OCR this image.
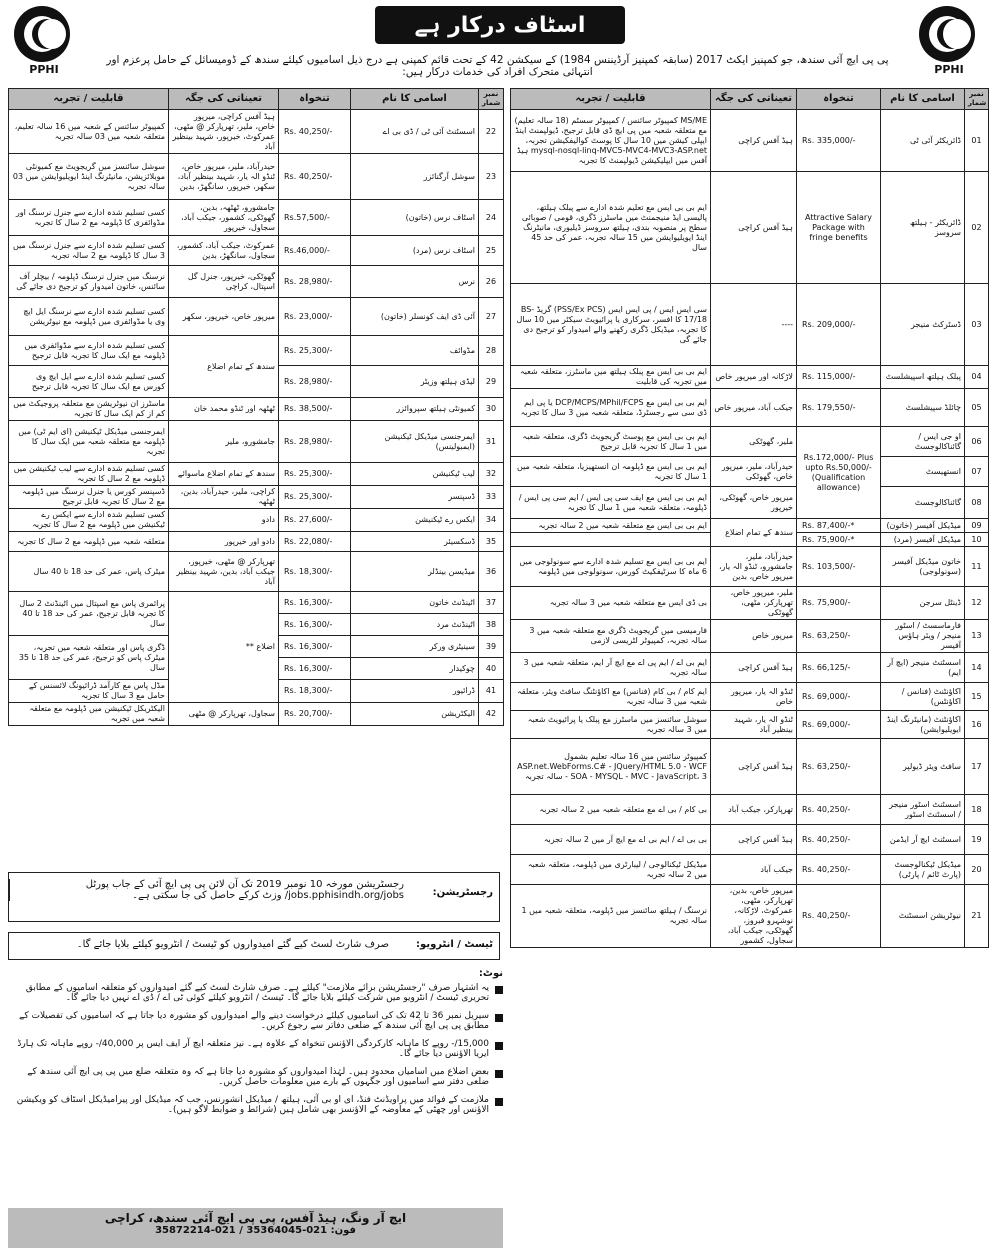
PPHI	PPHI
اسٹاف درکار ہے
پی پی ایچ آئی سندھ، جو کمپنیز ایکٹ 2017 (سابقہ کمپنیز آرڈیننس 1984) کے سیکشن 42 کے تحت قائم کمپنی ہے درج ذیل اسامیوں کیلئے سندھ کے ڈومیسائل کے حامل پرعزم اور انتہائی متحرک افراد کی خدمات درکار ہیں:
قابلیت / تجربہ	تعیناتی کی جگہ	تنخواہ	اسامی کا نام	نمبر شمار
MS/ME کمپیوٹر سائنس / کمپیوٹر سسٹم (18 سالہ تعلیم) مع متعلقہ شعبہ میں پی ایچ ڈی قابل ترجیح، ڈیولپمنٹ اینڈ ایپلی کیشن میں 10 سال کا پوسٹ کوالیفکیشن تجربہ، mysql-nosql-linq-MVC5-MVC4-MVC3-ASP.net ہیڈ آفس میں ایپلیکیشن ڈیولپمنٹ کا تجربہ	ہیڈ آفس کراچی	Rs. 335,000/-	ڈائریکٹر آئی ٹی	01
ایم بی بی ایس مع تعلیم شدہ ادارے سے پبلک ہیلتھ، پالیسی ایڈ منیجمنٹ میں ماسٹرز ڈگری، قومی / صوبائی سطح پر منصوبہ بندی، ہیلتھ سروسز ڈیلیوری، مانیٹرنگ اینڈ ایویلیوایشن میں 15 سالہ تجربہ، عمر کی حد 45 سال	ہیڈ آفس کراچی	Attractive Salary Package with fringe benefits	ڈائریکٹر - ہیلتھ سروسز	02
سی ایس ایس / پی ایس ایس (PSS/Ex PCS) گریڈ BS-17/18 کا افسر، سرکاری یا پرائیویٹ سیکٹر میں 10 سال کا تجربہ، میڈیکل ڈگری رکھنے والے امیدوار کو ترجیح دی جائے گی	----	Rs. 209,000/-	ڈسٹرکٹ منیجر	03
ایم بی بی ایس مع پبلک ہیلتھ میں ماسٹرز، متعلقہ شعبہ میں تجربہ کی قابلیت	لاڑکانہ اور میرپور خاص	Rs. 115,000/-	پبلک ہیلتھ اسپیشلسٹ	04
ایم بی بی ایس مع DCP/MCPS/MPhil/FCPS یا پی ایم ڈی سی سے رجسٹرڈ، متعلقہ شعبہ میں 3 سال کا تجربہ	جیکب آباد، میرپور خاص	Rs. 179,550/-	چائلڈ سپیشلسٹ	05
ایم بی بی ایس مع پوسٹ گریجویٹ ڈگری، متعلقہ شعبہ میں 1 سال کا تجربہ قابل ترجیح	ملیر، گھوٹکی	Rs.172,000/- Plus upto Rs.50,000/- (Qualification allowance)	او جی ایس / گائناکالوجسٹ	06
ایم بی بی ایس مع ڈپلومہ ان انستھیزیا، متعلقہ شعبہ میں 1 سال کا تجربہ	حیدرآباد، ملیر، میرپور خاص، گھوٹکی		انستھیسٹ	07
ایم بی بی ایس مع ایف سی پی ایس / ایم سی پی ایس / ڈپلومہ، متعلقہ شعبہ میں 1 سال کا تجربہ	میرپور خاص، گھوٹکی، خیرپور		گائناکالوجسٹ	08
ایم بی بی ایس مع متعلقہ شعبہ میں 2 سالہ تجربہ	سندھ کے تمام اضلاع	Rs. 87,400/-*	میڈیکل آفیسر (خاتون)	09
		Rs. 75,900/-*	میڈیکل آفیسر (مرد)	10
ایم بی بی ایس مع تسلیم شدہ ادارے سے سونولوجی میں 6 ماہ کا سرٹیفکیٹ کورس، سونولوجی میں ڈپلومہ	حیدرآباد، ملیر، جامشورو، ٹنڈو الہ یار، میرپور خاص، بدین	Rs. 103,500/-	خاتون میڈیکل آفیسر (سونولوجی)	11
بی ڈی ایس مع متعلقہ شعبہ میں 3 سالہ تجربہ	ملیر، میرپور خاص، تھرپارکر، مٹھی، گھوٹکی	Rs. 75,900/-	ڈینٹل سرجن	12
فارمیسی میں گریجویٹ ڈگری مع متعلقہ شعبہ میں 3 سالہ تجربہ، کمپیوٹر لٹریسی لازمی	میرپور خاص	Rs. 63,250/-	فارماسسٹ / اسٹور منیجر / ویئر ہاؤس آفیسر	13
ایم بی اے / ایم پی اے مع ایچ آر ایم، متعلقہ شعبہ میں 3 سالہ تجربہ	ہیڈ آفس کراچی	Rs. 66,125/-	اسسٹنٹ منیجر (ایچ آر ایم)	14
ایم کام / بی کام (فنانس) مع اکاؤنٹنگ سافٹ ویئر، متعلقہ شعبہ میں 3 سالہ تجربہ	ٹنڈو الہ یار، میرپور خاص	Rs. 69,000/-	اکاؤنٹنٹ (فنانس / اکاؤنٹس)	15
سوشل سائنسز میں ماسٹرز مع پبلک یا پرائیویٹ شعبہ میں 3 سالہ تجربہ	ٹنڈو الہ یار، شہید بینظیر آباد	Rs. 69,000/-	اکاؤنٹنٹ (مانیٹرنگ اینڈ ایویلیوایشن)	16
کمپیوٹر سائنس میں 16 سالہ تعلیم بشمول ASP.net.WebForms.C# - JQuery/HTML 5.0 - WCF - SOA - MYSQL - MVC - JavaScript، 3 سالہ تجربہ	ہیڈ آفس کراچی	Rs. 63,250/-	سافٹ ویئر ڈیولپر	17
بی کام / بی اے مع متعلقہ شعبہ میں 2 سالہ تجربہ	تھرپارکر، جیکب آباد	Rs. 40,250/-	اسسٹنٹ اسٹور منیجر / اسسٹنٹ اسٹور	18
بی بی اے / ایم بی اے مع ایچ آر میں 2 سالہ تجربہ	ہیڈ آفس کراچی	Rs. 40,250/-	اسسٹنٹ ایچ آر ایڈمن	19
میڈیکل ٹیکنالوجی / لیبارٹری میں ڈپلومہ، متعلقہ شعبہ میں 2 سالہ تجربہ	جیکب آباد	Rs. 40,250/-	میڈیکل ٹیکنالوجسٹ (پارٹ ٹائم / پارٹی)	20
نرسنگ / ہیلتھ سائنسز میں ڈپلومہ، متعلقہ شعبہ میں 1 سالہ تجربہ	میرپور خاص، بدین، تھرپارکر، مٹھی، عمرکوٹ، لاڑکانہ، نوشہرو فیروز، گھوٹکی، جیکب آباد، سجاول، کشمور	Rs. 40,250/-	نیوٹریشن اسسٹنٹ	21
قابلیت / تجربہ	تعیناتی کی جگہ	تنخواہ	اسامی کا نام	نمبر شمار
کمپیوٹر سائنس کے شعبہ میں 16 سالہ تعلیم، متعلقہ شعبہ میں 03 سالہ تجربہ	ہیڈ آفس کراچی، میرپور خاص، ملیر، تھرپارکر @ مٹھی، عمرکوٹ، خیرپور، شہید بینظیر آباد	Rs. 40,250/-	اسسٹنٹ آئی ٹی / ڈی بی اے	22
سوشل سائنسز میں گریجویٹ مع کمیونٹی موبلائزیشن، مانیٹرنگ اینڈ ایویلیوایشن میں 03 سالہ تجربہ	حیدرآباد، ملیر، میرپور خاص، ٹنڈو الہ یار، شہید بینظیر آباد، سکھر، خیرپور، سانگھڑ، بدین	Rs. 40,250/-	سوشل آرگنائزر	23
کسی تسلیم شدہ ادارے سے جنرل نرسنگ اور مڈوائفری کا ڈپلومہ مع 2 سال کا تجربہ	جامشورو، ٹھٹھہ، بدین، گھوٹکی، کشمور، جیکب آباد، سجاول، خیرپور	Rs.57,500/-	اسٹاف نرس (خاتون)	24
کسی تسلیم شدہ ادارے سے جنرل نرسنگ میں 3 سال کا ڈپلومہ مع 2 سالہ تجربہ	عمرکوٹ، جیکب آباد، کشمور، سجاول، سانگھڑ، بدین	Rs.46,000/-	اسٹاف نرس (مرد)	25
نرسنگ میں جنرل نرسنگ ڈپلومہ / بیچلر آف سائنس، خاتون امیدوار کو ترجیح دی جائے گی	گھوٹکی، خیرپور، جنرل گل اسپتال، کراچی	Rs. 28,980/-	نرس	26
کسی تسلیم شدہ ادارے سے نرسنگ ایل ایچ وی یا مڈوائفری میں ڈپلومہ مع نیوٹریشن	میرپور خاص، خیرپور، سکھر	Rs. 23,000/-	آئی ڈی ایف کونسلر (خاتون)	27
کسی تسلیم شدہ ادارے سے مڈوائفری میں ڈپلومہ مع ایک سال کا تجربہ قابل ترجیح	سندھ کے تمام اضلاع	Rs. 25,300/-	مڈوائف	28
کسی تسلیم شدہ ادارے سے ایل ایچ وی کورس مع ایک سال کا تجربہ قابل ترجیح		Rs. 28,980/-	لیڈی ہیلتھ وزیٹر	29
ماسٹرز ان نیوٹریشن مع متعلقہ پروجیکٹ میں کم از کم ایک سال کا تجربہ	ٹھٹھہ اور ٹنڈو محمد خان	Rs. 38,500/-	کمیونٹی ہیلتھ سپروائزر	30
ایمرجنسی میڈیکل ٹیکنیشن (ای ایم ٹی) میں ڈپلومہ مع متعلقہ شعبہ میں ایک سال کا تجربہ	جامشورو، ملیر	Rs. 28,980/-	ایمرجنسی میڈیکل ٹیکنیشن (ایمبولینس)	31
کسی تسلیم شدہ ادارے سے لیب ٹیکنیشن میں ڈپلومہ مع 2 سال کا تجربہ	سندھ کے تمام اضلاع ماسوائے	Rs. 25,300/-	لیب ٹیکنیشن	32
ڈسپنسر کورس یا جنرل نرسنگ میں ڈپلومہ مع 2 سال کا تجربہ قابل ترجیح	کراچی، ملیر، حیدرآباد، بدین، ٹھٹھہ	Rs. 25,300/-	ڈسپنسر	33
کسی تسلیم شدہ ادارے سے ایکس رے ٹیکنیشن میں ڈپلومہ مع 2 سال کا تجربہ	دادو	Rs. 27,600/-	ایکس رے ٹیکنیشن	34
متعلقہ شعبہ میں ڈپلومہ مع 2 سال کا تجربہ	دادو اور خیرپور	Rs. 22,080/-	ڈسکسیئر	35
میٹرک پاس، عمر کی حد 18 تا 40 سال	تھرپارکر @ مٹھی، خیرپور، جیکب آباد، بدین، شہید بینظیر آباد	Rs. 18,300/-	میڈیسن بینڈلر	36
پرائمری پاس مع اسپتال میں اٹینڈنٹ 2 سال کا تجربہ قابل ترجیح، عمر کی حد 18 تا 40 سال	اضلاع **	Rs. 16,300/-	اٹینڈنٹ خاتون	37
		Rs. 16,300/-	اٹینڈنٹ مرد	38
ڈگری پاس اور متعلقہ شعبہ میں تجربہ، میٹرک پاس کو ترجیح، عمر کی حد 18 تا 35 سال		Rs. 16,300/-	سینیٹری ورکر	39
		Rs. 16,300/-	چوکیدار	40
مڈل پاس مع کارآمد ڈرائیونگ لائسنس کے حامل مع 3 سال کا تجربہ		Rs. 18,300/-	ڈرائیور	41
الیکٹریکل ٹیکنیشن میں ڈپلومہ مع متعلقہ شعبہ میں تجربہ	سجاول، تھرپارکر @ مٹھی	Rs. 20,700/-	الیکٹریشن	42
رجسٹریشن:
رجسٹریشن مورخہ 10 نومبر 2019 تک آن لائن پی پی ایچ آئی کے جاب پورٹل jobs.pphisindh.org/jobs/ وزٹ کرکے حاصل کی جا سکتی ہے۔
ٹیسٹ / انٹرویو:
صرف شارٹ لسٹ کیے گئے امیدواروں کو ٹیسٹ / انٹرویو کیلئے بلایا جائے گا۔
نوٹ:
یہ اشتہار صرف "رجسٹریشن برائے ملازمت" کیلئے ہے۔ صرف شارٹ لسٹ کیے گئے امیدواروں کو متعلقہ اسامیوں کے مطابق تحریری ٹیسٹ / انٹرویو میں شرکت کیلئے بلایا جائے گا۔ ٹیسٹ / انٹرویو کیلئے کوئی ٹی اے / ڈی اے نہیں دیا جائے گا۔
سیریل نمبر 36 تا 42 تک کی اسامیوں کیلئے درخواست دینے والے امیدواروں کو مشورہ دیا جاتا ہے کہ اسامیوں کی تفصیلات کے مطابق پی پی ایچ آئی سندھ کے ضلعی دفاتر سے رجوع کریں۔
15,000/- روپے کا ماہانہ کارکردگی الاؤنس تنخواہ کے علاوہ ہے۔ نیز متعلقہ ایچ آر ایف ایس پر 40,000/- روپے ماہانہ تک ہارڈ ایریا الاؤنس دیا جائے گا۔
بعض اضلاع میں اسامیاں محدود ہیں۔ لہٰذا امیدواروں کو مشورہ دیا جاتا ہے کہ وہ متعلقہ ضلع میں پی پی ایچ آئی سندھ کے ضلعی دفتر سے اسامیوں اور جگہوں کے بارے میں معلومات حاصل کریں۔
ملازمت کے فوائد میں پراویڈنٹ فنڈ، ای او بی آئی، ہیلتھ / میڈیکل انشورنس، جب کہ میڈیکل اور پیرامیڈیکل اسٹاف کو ویکیشن الاؤنس اور چھٹی کے معاوضہ کے الاؤنسز بھی شامل ہیں (شرائط و ضوابط لاگو ہیں)۔
ایچ آر ونگ، ہیڈ آفس، پی پی ایچ آئی سندھ، کراچی
فون: 021-35364045 / 021-35872214
